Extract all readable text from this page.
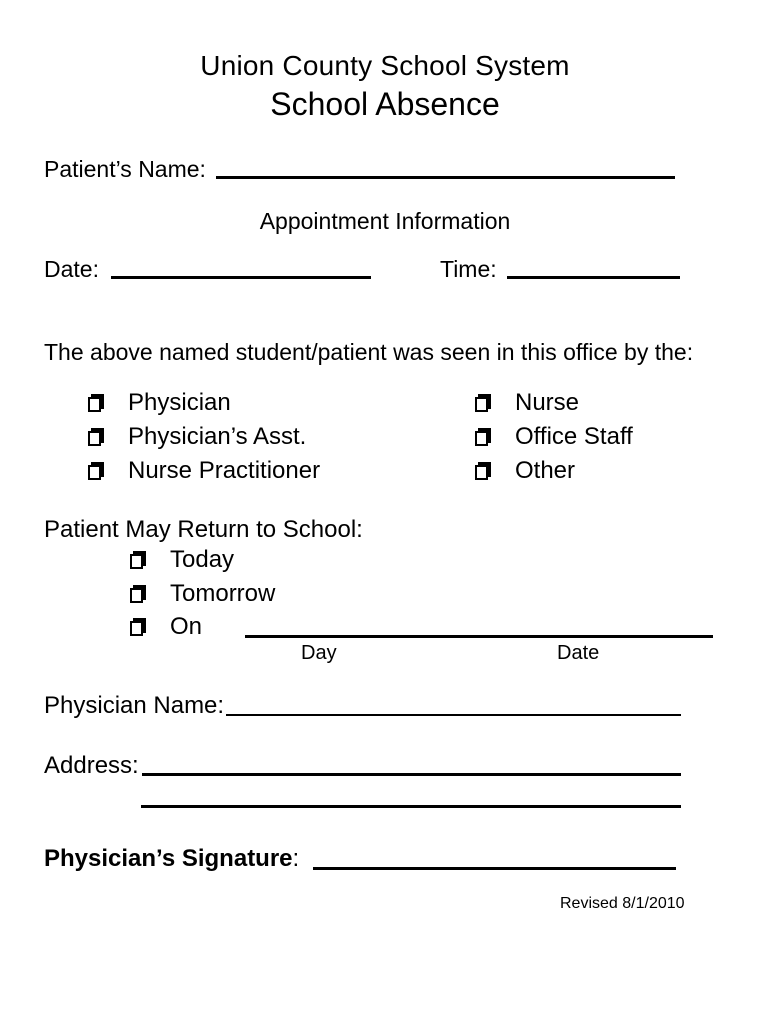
Union County School System
School Absence
Patient’s Name:
Appointment Information
Date:	Time:
The above named student/patient was seen in this office by the:
Physician
Physician’s Asst.
Nurse Practitioner
Nurse
Office Staff
Other
Patient May Return to School:
Today
Tomorrow
On
Day	Date
Physician Name:
Address:
Physician’s Signature :
Revised 8/1/2010
